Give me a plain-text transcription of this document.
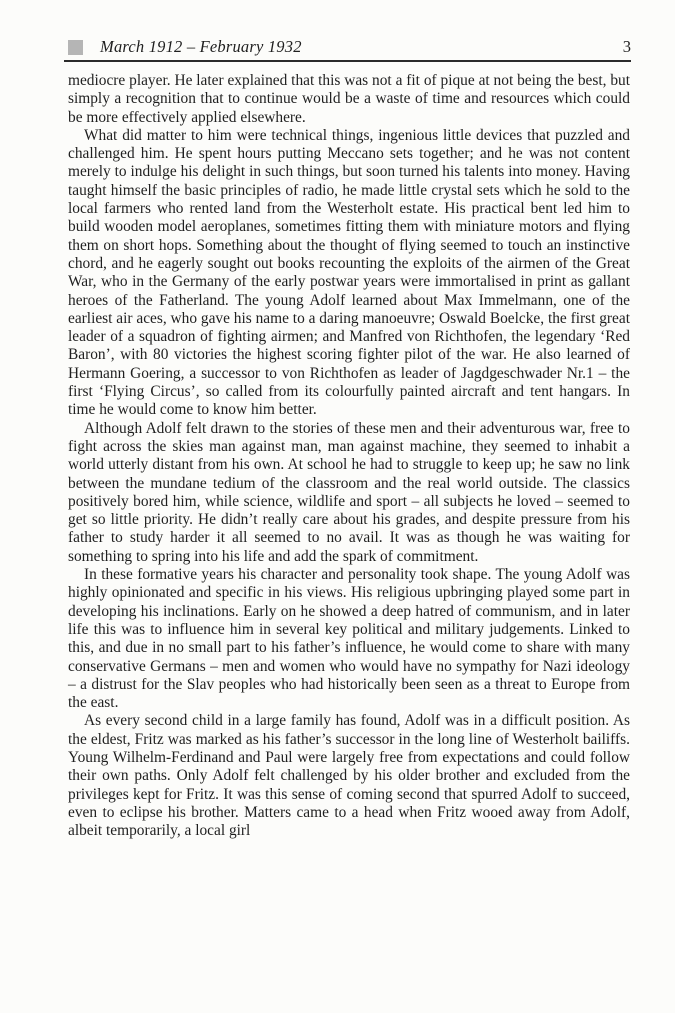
March 1912 – February 1932	3

mediocre player. He later explained that this was not a fit of pique at not being the best, but simply a recognition that to continue would be a waste of time and resources which could be more effectively applied elsewhere.

What did matter to him were technical things, ingenious little devices that puzzled and challenged him. He spent hours putting Meccano sets together; and he was not content merely to indulge his delight in such things, but soon turned his talents into money. Having taught himself the basic principles of radio, he made little crystal sets which he sold to the local farmers who rented land from the Westerholt estate. His practical bent led him to build wooden model aeroplanes, sometimes fitting them with miniature motors and flying them on short hops. Something about the thought of flying seemed to touch an instinctive chord, and he eagerly sought out books recounting the exploits of the airmen of the Great War, who in the Germany of the early postwar years were immortalised in print as gallant heroes of the Fatherland. The young Adolf learned about Max Immelmann, one of the earliest air aces, who gave his name to a daring manoeuvre; Oswald Boelcke, the first great leader of a squadron of fighting airmen; and Manfred von Richthofen, the legendary ‘Red Baron’, with 80 victories the highest scoring fighter pilot of the war. He also learned of Hermann Goering, a successor to von Richthofen as leader of Jagdgeschwader Nr.1 – the first ‘Flying Circus’, so called from its colourfully painted aircraft and tent hangars. In time he would come to know him better.

Although Adolf felt drawn to the stories of these men and their adventurous war, free to fight across the skies man against man, man against machine, they seemed to inhabit a world utterly distant from his own. At school he had to struggle to keep up; he saw no link between the mundane tedium of the classroom and the real world outside. The classics positively bored him, while science, wildlife and sport – all subjects he loved – seemed to get so little priority. He didn’t really care about his grades, and despite pressure from his father to study harder it all seemed to no avail. It was as though he was waiting for something to spring into his life and add the spark of commitment.

In these formative years his character and personality took shape. The young Adolf was highly opinionated and specific in his views. His religious upbringing played some part in developing his inclinations. Early on he showed a deep hatred of communism, and in later life this was to influence him in several key political and military judgements. Linked to this, and due in no small part to his father’s influence, he would come to share with many conservative Germans – men and women who would have no sympathy for Nazi ideology – a distrust for the Slav peoples who had historically been seen as a threat to Europe from the east.

As every second child in a large family has found, Adolf was in a difficult position. As the eldest, Fritz was marked as his father’s successor in the long line of Westerholt bailiffs. Young Wilhelm-Ferdinand and Paul were largely free from expectations and could follow their own paths. Only Adolf felt challenged by his older brother and excluded from the privileges kept for Fritz. It was this sense of coming second that spurred Adolf to succeed, even to eclipse his brother. Matters came to a head when Fritz wooed away from Adolf, albeit temporarily, a local girl
